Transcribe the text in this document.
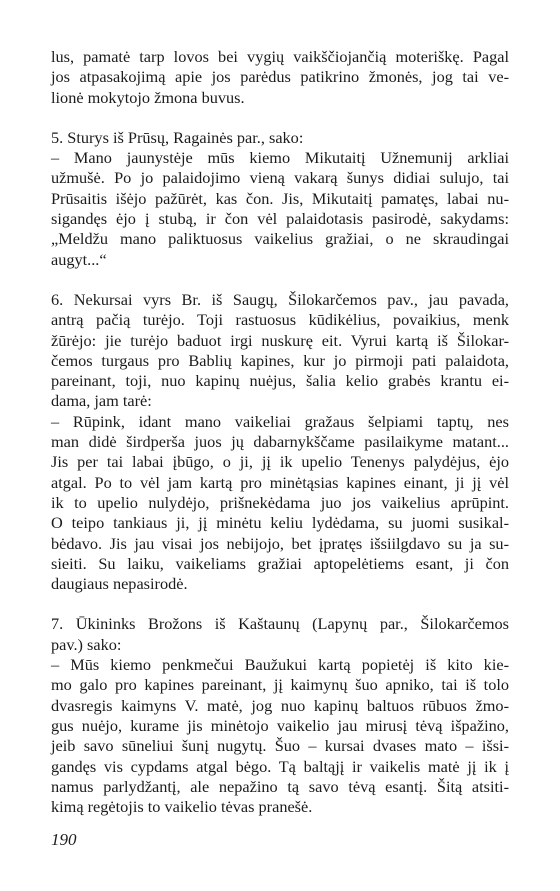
lus, pamatė tarp lovos bei vygių vaikščiojančią moteriškę. Pagal
jos atpasakojimą apie jos parėdus patikrino žmonės, jog tai ve-
lionė mokytojo žmona buvus.
5. Sturys iš Prūsų, Ragainės par., sako:
– Mano jaunystėje mūs kiemo Mikutaitį Užnemunij arkliai
užmušė. Po jo palaidojimo vieną vakarą šunys didiai sulujo, tai
Prūsaitis išėjo pažūrėt, kas čon. Jis, Mikutaitį pamatęs, labai nu-
sigandęs ėjo į stubą, ir čon vėl palaidotasis pasirodė, sakydams:
„Meldžu mano paliktuosus vaikelius gražiai, o ne skraudingai
augyt...“
6. Nekursai vyrs Br. iš Saugų, Šilokarčemos pav., jau pavada,
antrą pačią turėjo. Toji rastuosus kūdikėlius, povaikius, menk
žūrėjo: jie turėjo baduot irgi nuskurę eit. Vyrui kartą iš Šilokar-
čemos turgaus pro Bablių kapines, kur jo pirmoji pati palaidota,
pareinant, toji, nuo kapinų nuėjus, šalia kelio grabės krantu ei-
dama, jam tarė:
– Rūpink, idant mano vaikeliai gražaus šelpiami taptų, nes
man didė širdperša juos jų dabarnykščame pasilaikyme matant...
Jis per tai labai įbūgo, o ji, jį ik upelio Tenenys palydėjus, ėjo
atgal. Po to vėl jam kartą pro minėtąsias kapines einant, ji jį vėl
ik to upelio nulydėjo, prišnekėdama juo jos vaikelius aprūpint.
O teipo tankiaus ji, jį minėtu keliu lydėdama, su juomi susikal-
bėdavo. Jis jau visai jos nebijojo, bet įpratęs išsiilgdavo su ja su-
sieiti. Su laiku, vaikeliams gražiai aptopelėtiems esant, ji čon
daugiaus nepasirodė.
7. Ūkininks Brožons iš Kaštaunų (Lapynų par., Šilokarčemos
pav.) sako:
– Mūs kiemo penkmečui Baužukui kartą popietėj iš kito kie-
mo galo pro kapines pareinant, jį kaimynų šuo apniko, tai iš tolo
dvasregis kaimyns V. matė, jog nuo kapinų baltuos rūbuos žmo-
gus nuėjo, kurame jis minėtojo vaikelio jau mirusį tėvą išpažino,
jeib savo sūneliui šunį nugytų. Šuo – kursai dvases mato – išsi-
gandęs vis cypdams atgal bėgo. Tą baltąjį ir vaikelis matė jį ik į
namus parlydžantį, ale nepažino tą savo tėvą esantį. Šitą atsiti-
kimą regėtojis to vaikelio tėvas pranešė.
190
